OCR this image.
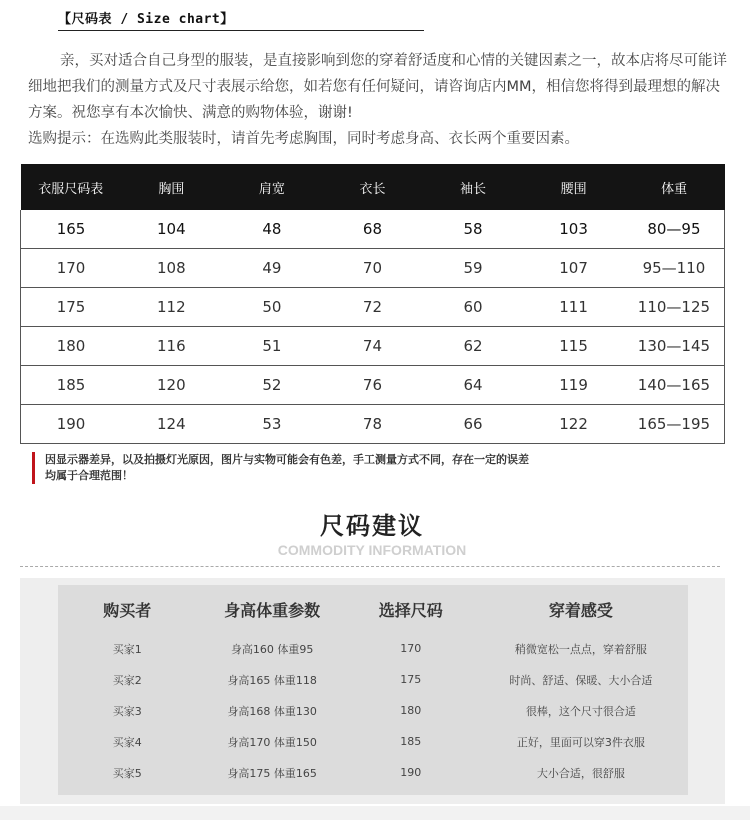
【尺码表 / Size chart】

亲，买对适合自己身型的服装，是直接影响到您的穿着舒适度和心情的关键因素之一，故本店将尽可能详细地把我们的测量方式及尺寸表展示给您，如若您有任何疑问，请咨询店内MM，相信您将得到最理想的解决方案。祝您享有本次愉快、满意的购物体验，谢谢!

选购提示：在选购此类服装时，请首先考虑胸围，同时考虑身高、衣长两个重要因素。

衣服尺码表	胸围	肩宽	衣长	袖长	腰围	体重
165	104	48	68	58	103	80—95
170	108	49	70	59	107	95—110
175	112	50	72	60	111	110—125
180	116	51	74	62	115	130—145
185	120	52	76	64	119	140—165
190	124	53	78	66	122	165—195

因显示器差异，以及拍摄灯光原因，图片与实物可能会有色差，手工测量方式不同，存在一定的误差

均属于合理范围！

尺码建议
COMMODITY INFORMATION
购买者	身高体重参数	选择尺码	穿着感受
买家1	身高160 体重95	170	稍微宽松一点点，穿着舒服
买家2	身高165 体重118	175	时尚、舒适、保暖、大小合适
买家3	身高168 体重130	180	很棒，这个尺寸很合适
买家4	身高170 体重150	185	正好，里面可以穿3件衣服
买家5	身高175 体重165	190	大小合适，很舒服
